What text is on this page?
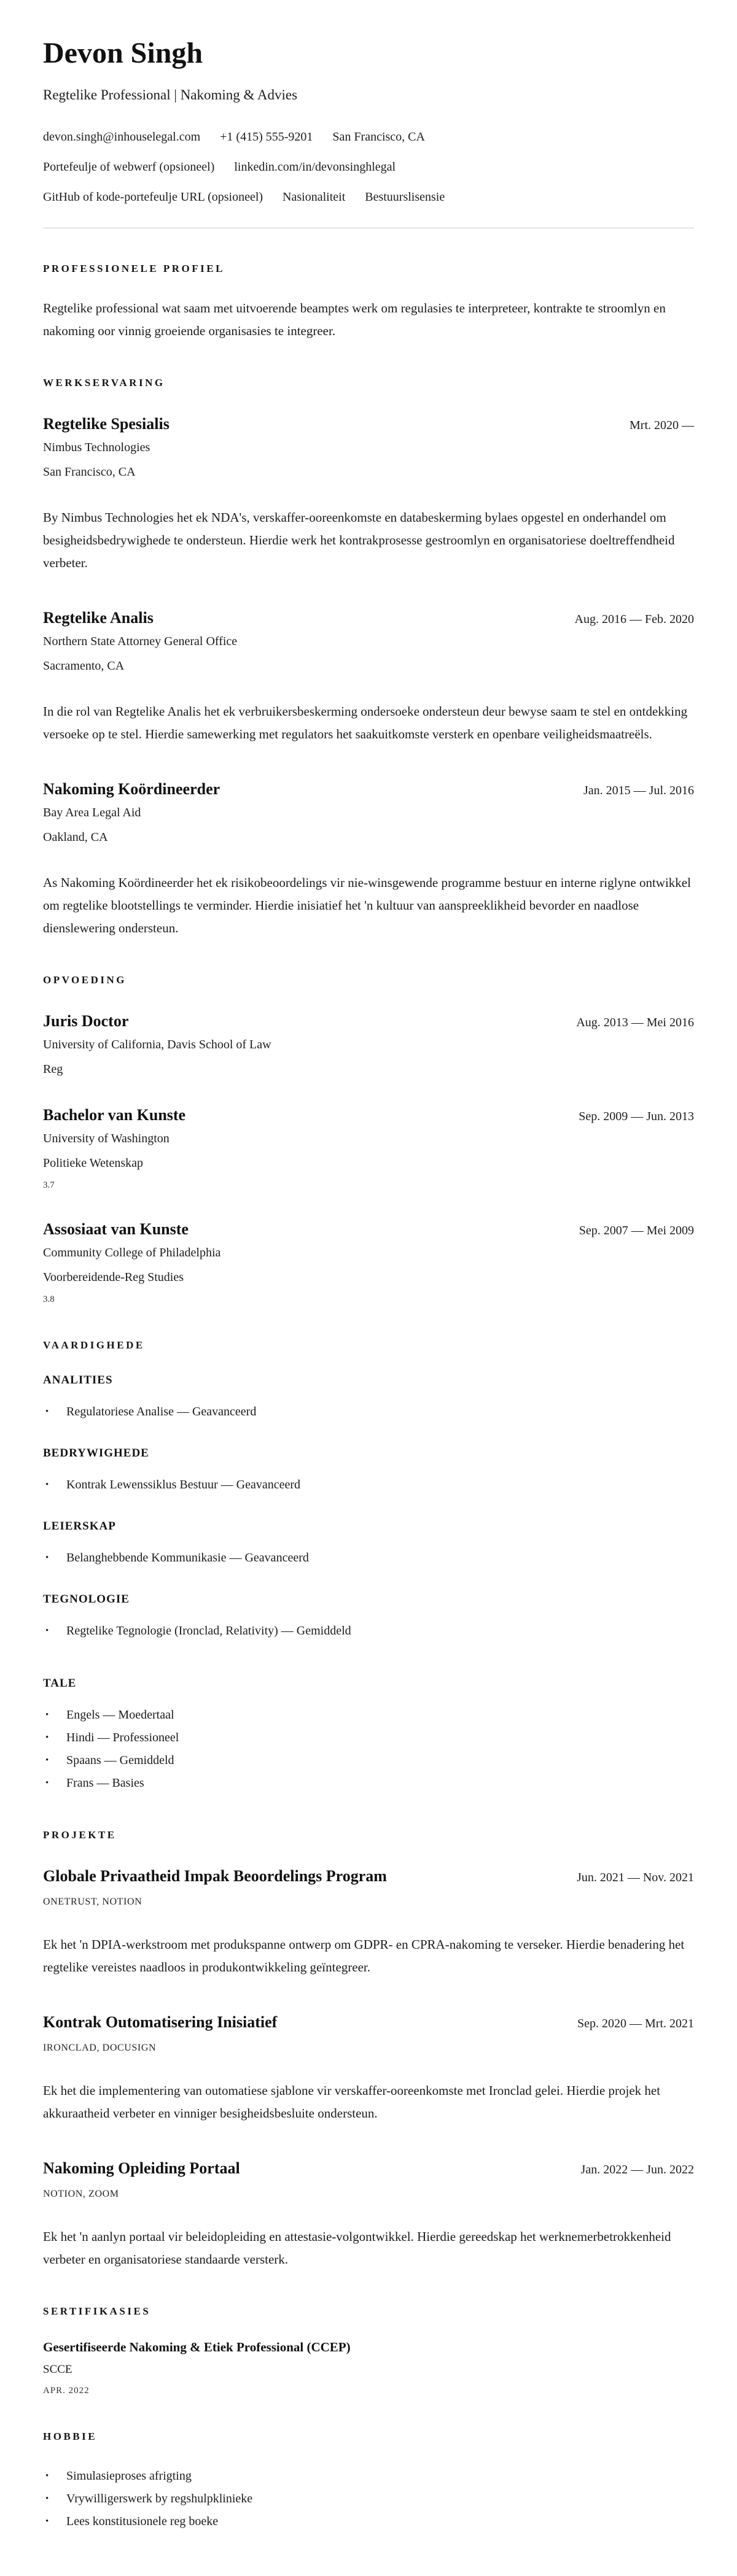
Devon Singh
Regtelike Professional | Nakoming & Advies
devon.singh@inhouselegal.com +1 (415) 555-9201 San Francisco, CA
Portefeulje of webwerf (opsioneel) linkedin.com/in/devonsinghlegal
GitHub of kode-portefeulje URL (opsioneel) Nasionaliteit Bestuurslisensie
PROFESSIONELE PROFIEL

Regtelike professional wat saam met uitvoerende beamptes werk om regulasies te interpreteer, kontrakte te stroomlyn en nakoming oor vinnig groeiende organisasies te integreer.

WERKSERVARING
Regtelike Spesialis	Mrt. 2020 —
Nimbus Technologies
San Francisco, CA

By Nimbus Technologies het ek NDA's, verskaffer-ooreenkomste en databeskerming bylaes opgestel en onderhandel om besigheidsbedrywighede te ondersteun. Hierdie werk het kontrakprosesse gestroomlyn en organisatoriese doeltreffendheid verbeter.

Regtelike Analis	Aug. 2016 — Feb. 2020
Northern State Attorney General Office
Sacramento, CA

In die rol van Regtelike Analis het ek verbruikersbeskerming ondersoeke ondersteun deur bewyse saam te stel en ontdekking versoeke op te stel. Hierdie samewerking met regulators het saakuitkomste versterk en openbare veiligheidsmaatreëls.

Nakoming Koördineerder	Jan. 2015 — Jul. 2016
Bay Area Legal Aid
Oakland, CA

As Nakoming Koördineerder het ek risikobeoordelings vir nie-winsgewende programme bestuur en interne riglyne ontwikkel om regtelike blootstellings te verminder. Hierdie inisiatief het 'n kultuur van aanspreeklikheid bevorder en naadlose dienslewering ondersteun.

OPVOEDING
Juris Doctor	Aug. 2013 — Mei 2016
University of California, Davis School of Law
Reg
Bachelor van Kunste	Sep. 2009 — Jun. 2013
University of Washington
Politieke Wetenskap
3.7
Assosiaat van Kunste	Sep. 2007 — Mei 2009
Community College of Philadelphia
Voorbereidende-Reg Studies
3.8
VAARDIGHEDE
ANALITIES
•	Regulatoriese Analise — Geavanceerd
BEDRYWIGHEDE
•	Kontrak Lewenssiklus Bestuur — Geavanceerd
LEIERSKAP
•	Belanghebbende Kommunikasie — Geavanceerd
TEGNOLOGIE
•	Regtelike Tegnologie (Ironclad, Relativity) — Gemiddeld
TALE
•	Engels — Moedertaal
•	Hindi — Professioneel
•	Spaans — Gemiddeld
•	Frans — Basies
PROJEKTE
Globale Privaatheid Impak Beoordelings Program	Jun. 2021 — Nov. 2021
ONETRUST, NOTION

Ek het 'n DPIA-werkstroom met produkspanne ontwerp om GDPR- en CPRA-nakoming te verseker. Hierdie benadering het regtelike vereistes naadloos in produkontwikkeling geïntegreer.

Kontrak Outomatisering Inisiatief	Sep. 2020 — Mrt. 2021
IRONCLAD, DOCUSIGN

Ek het die implementering van outomatiese sjablone vir verskaffer-ooreenkomste met Ironclad gelei. Hierdie projek het akkuraatheid verbeter en vinniger besigheidsbesluite ondersteun.

Nakoming Opleiding Portaal	Jan. 2022 — Jun. 2022
NOTION, ZOOM

Ek het 'n aanlyn portaal vir beleidopleiding en attestasie-volgontwikkel. Hierdie gereedskap het werknemerbetrokkenheid verbeter en organisatoriese standaarde versterk.

SERTIFIKASIES
Gesertifiseerde Nakoming & Etiek Professional (CCEP)
SCCE
APR. 2022
HOBBIE
•	Simulasieproses afrigting
•	Vrywilligerswerk by regshulpklinieke
•	Lees konstitusionele reg boeke
